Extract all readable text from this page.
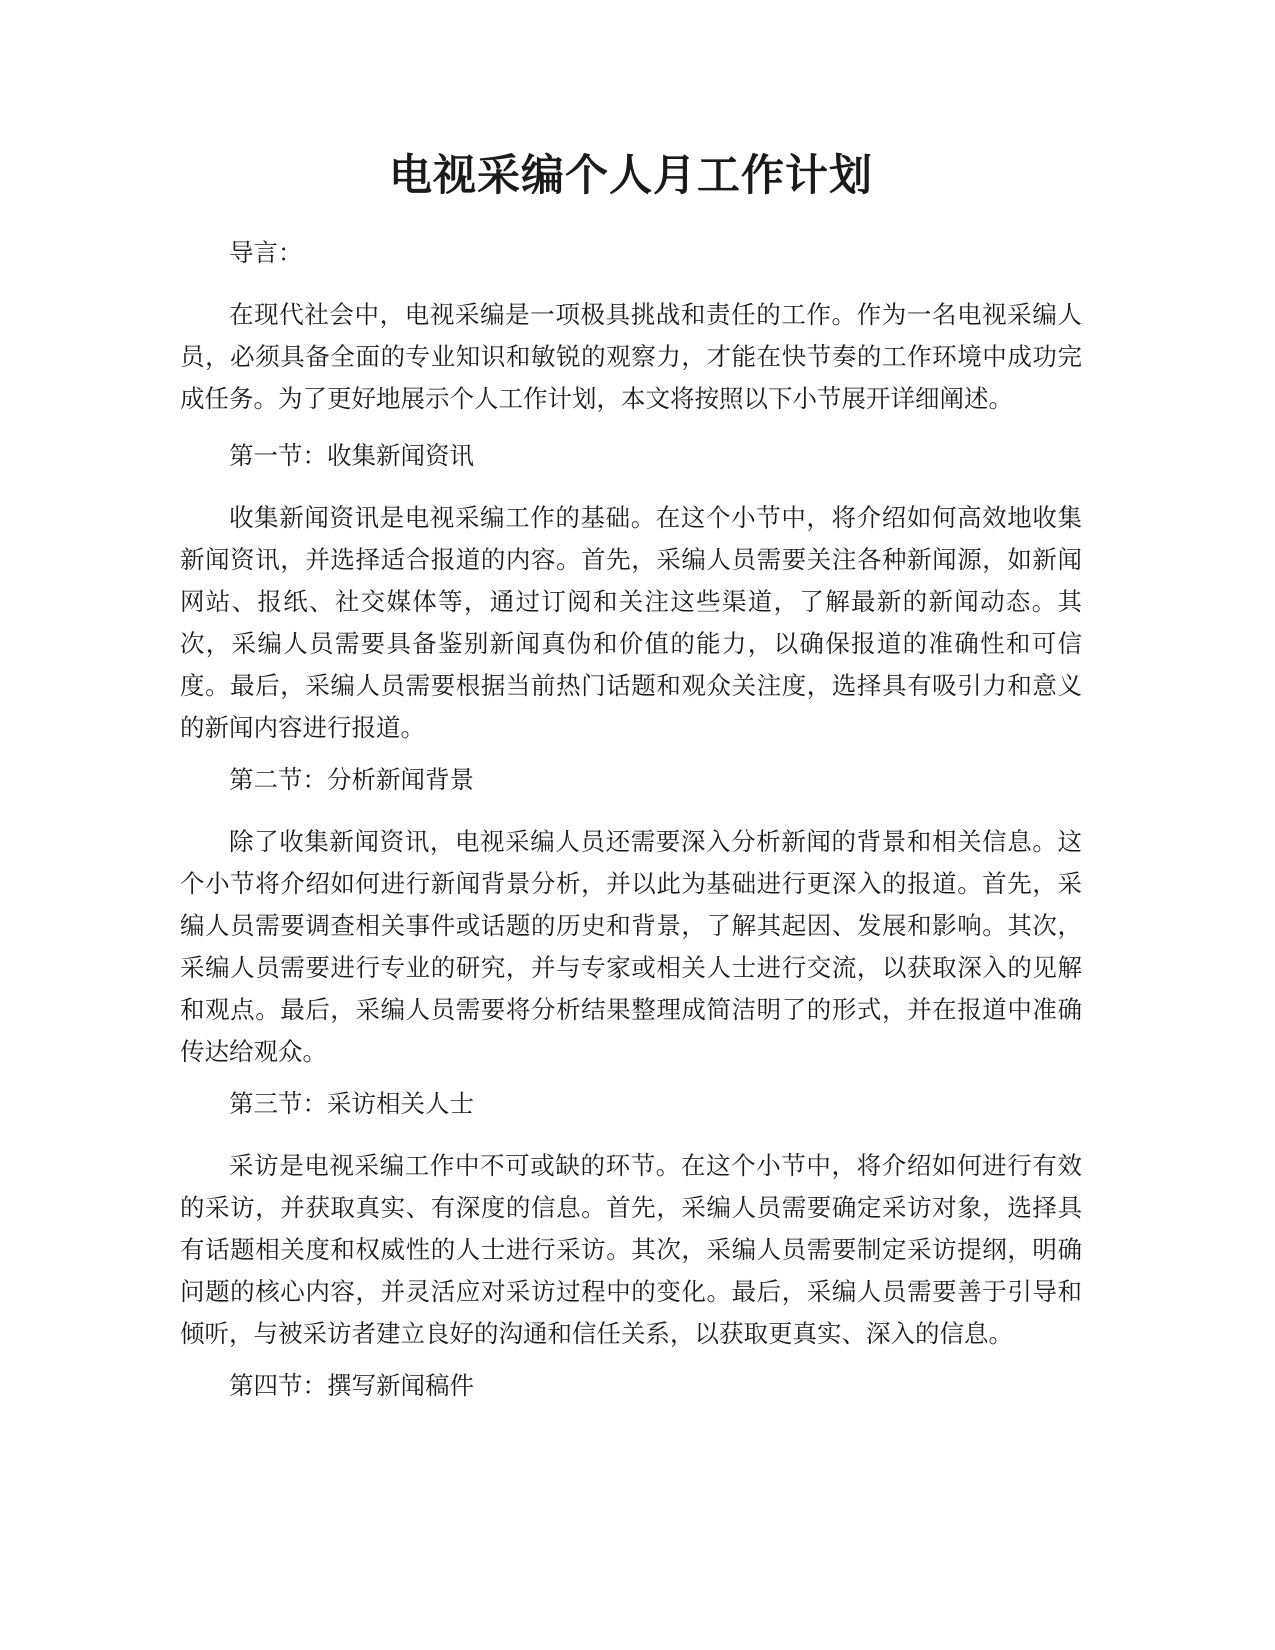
电视采编个人月工作计划

导言：

在现代社会中，电视采编是一项极具挑战和责任的工作。作为一名电视采编人员，必须具备全面的专业知识和敏锐的观察力，才能在快节奏的工作环境中成功完成任务。为了更好地展示个人工作计划，本文将按照以下小节展开详细阐述。

第一节：收集新闻资讯

收集新闻资讯是电视采编工作的基础。在这个小节中，将介绍如何高效地收集新闻资讯，并选择适合报道的内容。首先，采编人员需要关注各种新闻源，如新闻网站、报纸、社交媒体等，通过订阅和关注这些渠道，了解最新的新闻动态。其次，采编人员需要具备鉴别新闻真伪和价值的能力，以确保报道的准确性和可信度。最后，采编人员需要根据当前热门话题和观众关注度，选择具有吸引力和意义的新闻内容进行报道。

第二节：分析新闻背景

除了收集新闻资讯，电视采编人员还需要深入分析新闻的背景和相关信息。这个小节将介绍如何进行新闻背景分析，并以此为基础进行更深入的报道。首先，采编人员需要调查相关事件或话题的历史和背景，了解其起因、发展和影响。其次，采编人员需要进行专业的研究，并与专家或相关人士进行交流，以获取深入的见解和观点。最后，采编人员需要将分析结果整理成简洁明了的形式，并在报道中准确传达给观众。

第三节：采访相关人士

采访是电视采编工作中不可或缺的环节。在这个小节中，将介绍如何进行有效的采访，并获取真实、有深度的信息。首先，采编人员需要确定采访对象，选择具有话题相关度和权威性的人士进行采访。其次，采编人员需要制定采访提纲，明确问题的核心内容，并灵活应对采访过程中的变化。最后，采编人员需要善于引导和倾听，与被采访者建立良好的沟通和信任关系，以获取更真实、深入的信息。

第四节：撰写新闻稿件
